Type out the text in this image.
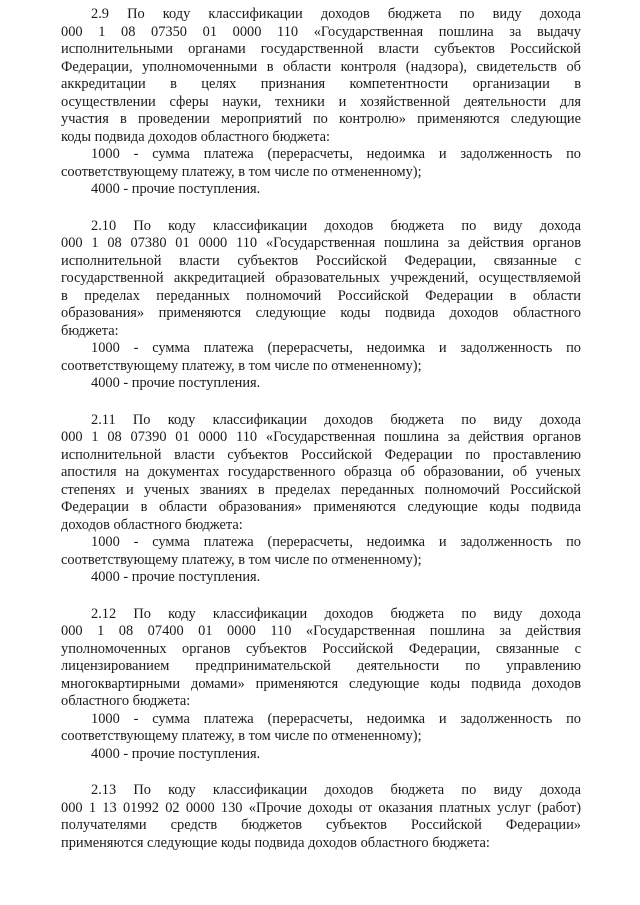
2.9 По коду классификации доходов бюджета по виду дохода
000 1 08 07350 01 0000 110 «Государственная пошлина за выдачу
исполнительными органами государственной власти субъектов Российской
Федерации, уполномоченными в области контроля (надзора), свидетельств об
аккредитации в целях признания компетентности организации в
осуществлении сферы науки, техники и хозяйственной деятельности для
участия в проведении мероприятий по контролю» применяются следующие
коды подвида доходов областного бюджета:
1000 - сумма платежа (перерасчеты, недоимка и задолженность по
соответствующему платежу, в том числе по отмененному);
4000 - прочие поступления.
2.10 По коду классификации доходов бюджета по виду дохода
000 1 08 07380 01 0000 110 «Государственная пошлина за действия органов
исполнительной власти субъектов Российской Федерации, связанные с
государственной аккредитацией образовательных учреждений, осуществляемой
в пределах переданных полномочий Российской Федерации в области
образования» применяются следующие коды подвида доходов областного
бюджета:
1000 - сумма платежа (перерасчеты, недоимка и задолженность по
соответствующему платежу, в том числе по отмененному);
4000 - прочие поступления.
2.11 По коду классификации доходов бюджета по виду дохода
000 1 08 07390 01 0000 110 «Государственная пошлина за действия органов
исполнительной власти субъектов Российской Федерации по проставлению
апостиля на документах государственного образца об образовании, об ученых
степенях и ученых званиях в пределах переданных полномочий Российской
Федерации в области образования» применяются следующие коды подвида
доходов областного бюджета:
1000 - сумма платежа (перерасчеты, недоимка и задолженность по
соответствующему платежу, в том числе по отмененному);
4000 - прочие поступления.
2.12 По коду классификации доходов бюджета по виду дохода
000 1 08 07400 01 0000 110 «Государственная пошлина за действия
уполномоченных органов субъектов Российской Федерации, связанные с
лицензированием предпринимательской деятельности по управлению
многоквартирными домами» применяются следующие коды подвида доходов
областного бюджета:
1000 - сумма платежа (перерасчеты, недоимка и задолженность по
соответствующему платежу, в том числе по отмененному);
4000 - прочие поступления.
2.13 По коду классификации доходов бюджета по виду дохода
000 1 13 01992 02 0000 130 «Прочие доходы от оказания платных услуг (работ)
получателями средств бюджетов субъектов Российской Федерации»
применяются следующие коды подвида доходов областного бюджета:
